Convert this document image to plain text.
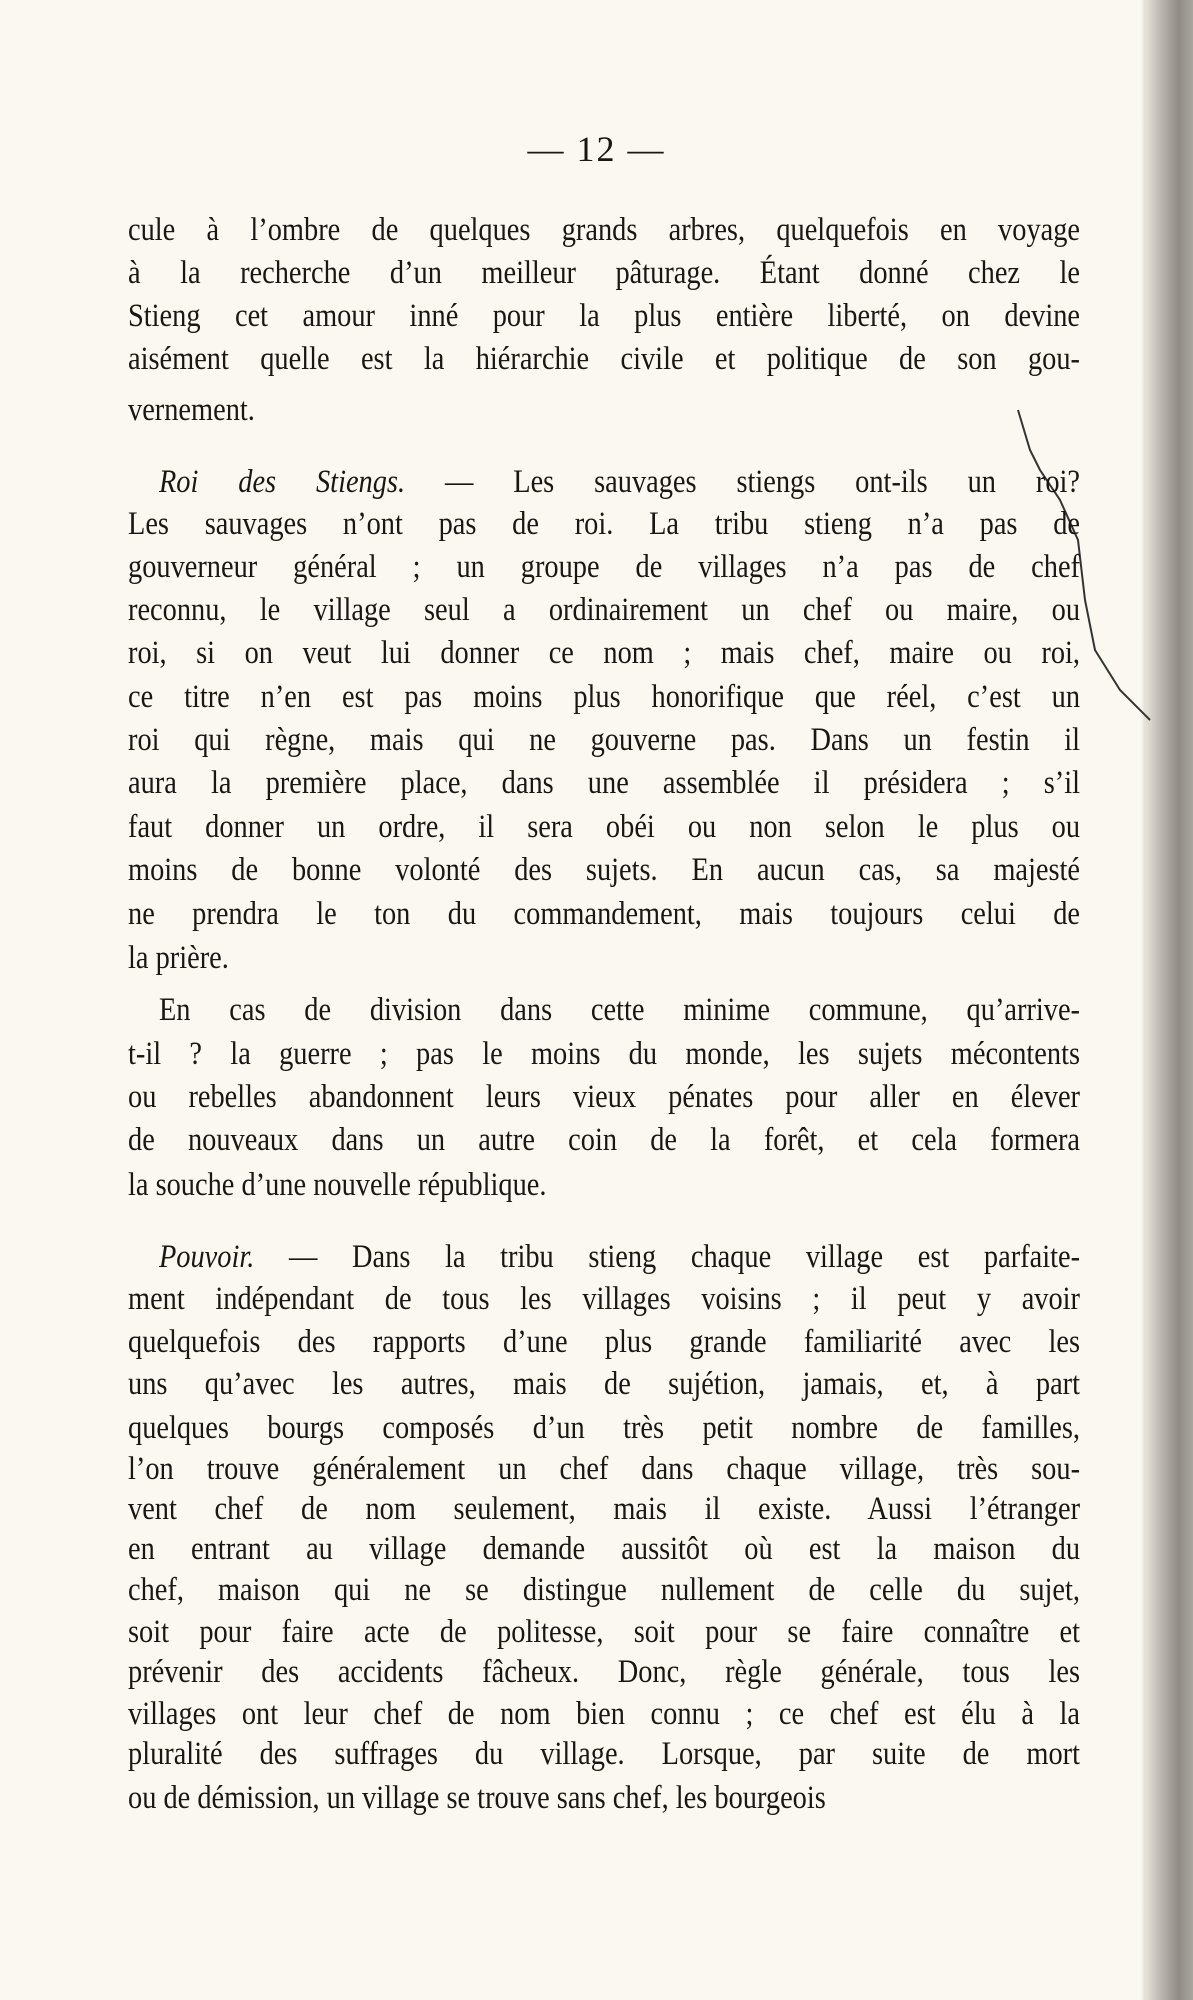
— 12 —
cule à l’ombre de quelques grands arbres, quelquefois en voyage
à la recherche d’un meilleur pâturage. Étant donné chez le
Stieng cet amour inné pour la plus entière liberté, on devine
aisément quelle est la hiérarchie civile et politique de son gou-
vernement.
Roi des Stiengs. — Les sauvages stiengs ont-ils un roi?
Les sauvages n’ont pas de roi. La tribu stieng n’a pas de
gouverneur général ; un groupe de villages n’a pas de chef
reconnu, le village seul a ordinairement un chef ou maire, ou
roi, si on veut lui donner ce nom ; mais chef, maire ou roi,
ce titre n’en est pas moins plus honorifique que réel, c’est un
roi qui règne, mais qui ne gouverne pas. Dans un festin il
aura la première place, dans une assemblée il présidera ; s’il
faut donner un ordre, il sera obéi ou non selon le plus ou
moins de bonne volonté des sujets. En aucun cas, sa majesté
ne prendra le ton du commandement, mais toujours celui de
la prière.
En cas de division dans cette minime commune, qu’arrive-
t-il ? la guerre ; pas le moins du monde, les sujets mécontents
ou rebelles abandonnent leurs vieux pénates pour aller en élever
de nouveaux dans un autre coin de la forêt, et cela formera
la souche d’une nouvelle république.
Pouvoir. — Dans la tribu stieng chaque village est parfaite-
ment indépendant de tous les villages voisins ; il peut y avoir
quelquefois des rapports d’une plus grande familiarité avec les
uns qu’avec les autres, mais de sujétion, jamais, et, à part
quelques bourgs composés d’un très petit nombre de familles,
l’on trouve généralement un chef dans chaque village, très sou-
vent chef de nom seulement, mais il existe. Aussi l’étranger
en entrant au village demande aussitôt où est la maison du
chef, maison qui ne se distingue nullement de celle du sujet,
soit pour faire acte de politesse, soit pour se faire connaître et
prévenir des accidents fâcheux. Donc, règle générale, tous les
villages ont leur chef de nom bien connu ; ce chef est élu à la
pluralité des suffrages du village. Lorsque, par suite de mort
ou de démission, un village se trouve sans chef, les bourgeois
